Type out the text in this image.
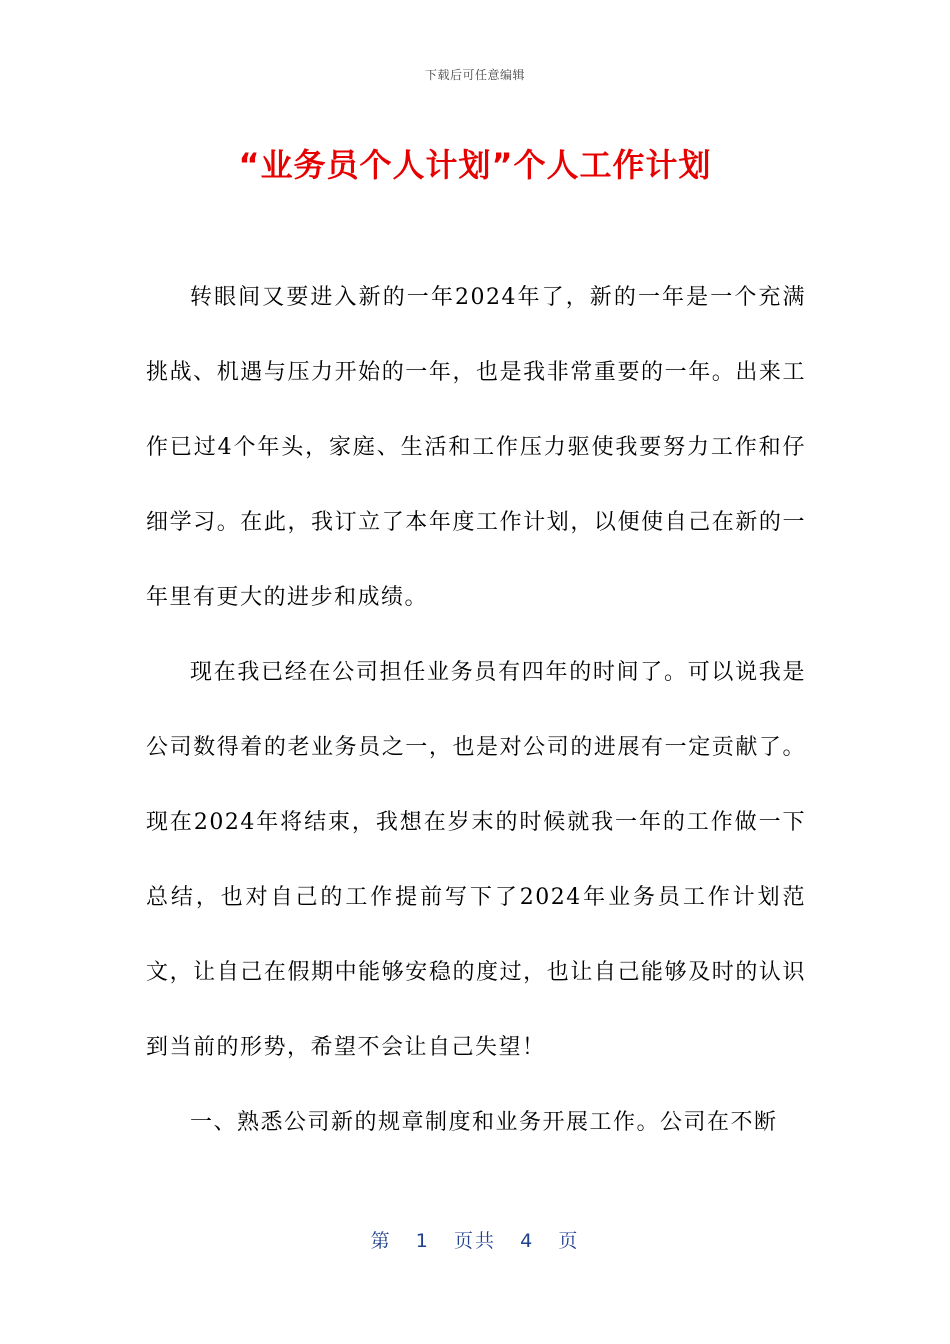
下载后可任意编辑
“业务员个人计划”个人工作计划

转眼间又要进入新的一年2024年了，新的一年是一个充满挑战、机遇与压力开始的一年，也是我非常重要的一年。出来工作已过4个年头，家庭、生活和工作压力驱使我要努力工作和仔细学习。在此，我订立了本年度工作计划，以便使自己在新的一年里有更大的进步和成绩。

现在我已经在公司担任业务员有四年的时间了。可以说我是公司数得着的老业务员之一，也是对公司的进展有一定贡献了。现在2024年将结束，我想在岁末的时候就我一年的工作做一下总结，也对自己的工作提前写下了2024年业务员工作计划范文，让自己在假期中能够安稳的度过，也让自己能够及时的认识到当前的形势，希望不会让自己失望！

一、熟悉公司新的规章制度和业务开展工作。公司在不断

第 1 页共 4 页
